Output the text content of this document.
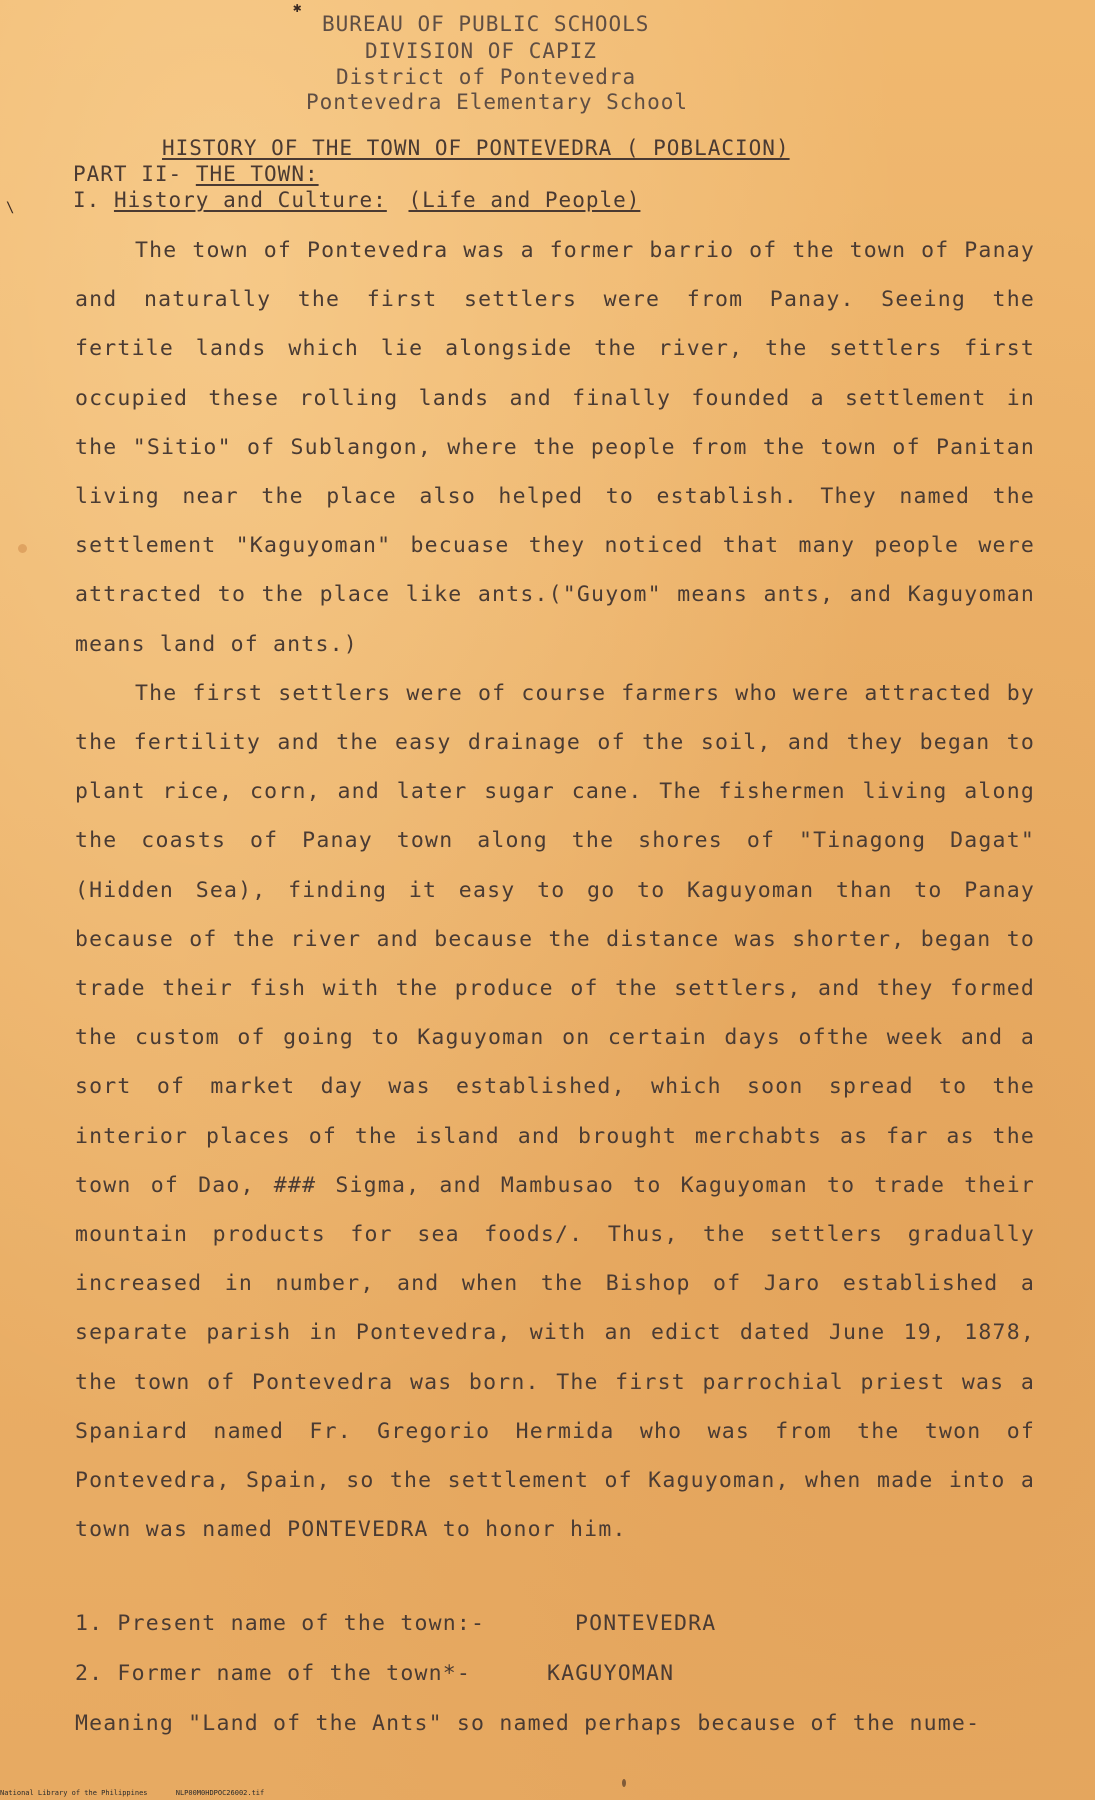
✱
\
BUREAU OF PUBLIC SCHOOLS
DIVISION OF CAPIZ
District of Pontevedra
Pontevedra Elementary School
HISTORY OF THE TOWN OF PONTEVEDRA ( POBLACION)
PART II- THE TOWN:
I. History and Culture: (Life and People)

The town of Pontevedra was a former barrio of the town of Panay and naturally the first settlers were from Panay. Seeing the fertile lands which lie alongside the river, the settlers first occupied these rolling lands and finally founded a settlement in the "Sitio" of Sublangon, where the people from the town of Panitan living near the place also helped to establish. They named the settlement "Kaguyoman" becuase they noticed that many people were attracted to the place like ants.("Guyom" means ants, and Kaguyoman means land of ants.)

The first settlers were of course farmers who were attracted by the fertility and the easy drainage of the soil, and they began to plant rice, corn, and later sugar cane. The fishermen living along the coasts of Panay town along the shores of "Tinagong Dagat" (Hidden Sea), finding it easy to go to Kaguyoman than to Panay because of the river and because the distance was shorter, began to trade their fish with the produce of the settlers, and they formed the custom of going to Kaguyoman on certain days ofthe week and a sort of market day was established, which soon spread to the interior places of the island and brought merchabts as far as the town of Dao, ### Sigma, and Mambusao to Kaguyoman to trade their mountain products for sea foods/. Thus, the settlers gradually increased in number, and when the Bishop of Jaro established a separate parish in Pontevedra, with an edict dated June 19, 1878, the town of Pontevedra was born. The first parrochial priest was a Spaniard named Fr. Gregorio Hermida who was from the twon of Pontevedra, Spain, so the settlement of Kaguyoman, when made into a town was named PONTEVEDRA to honor him.

1. Present name of the town:-	PONTEVEDRA
2. Former name of the town*-	KAGUYOMAN
Meaning "Land of the Ants" so named perhaps because of the nume-
National Library of the Philippines	NLP00M0HDPOC26002.tif
